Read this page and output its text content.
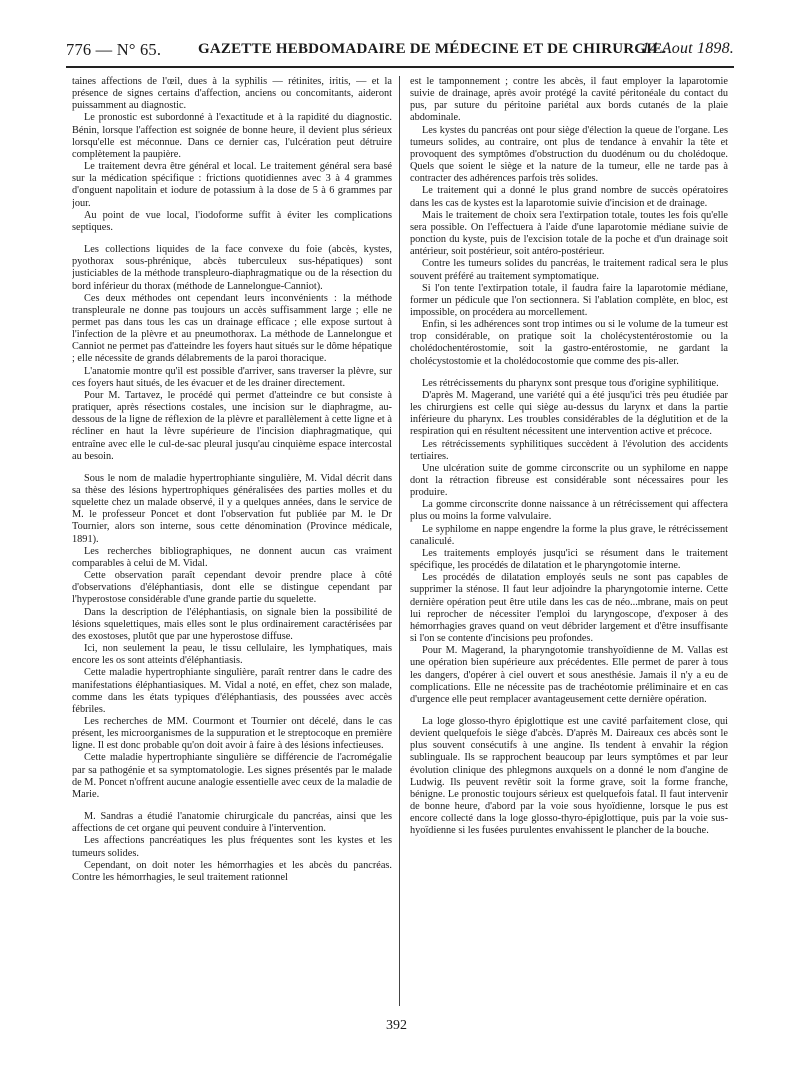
776 — N° 65. GAZETTE HEBDOMADAIRE DE MÉDECINE ET DE CHIRURGIE.
14 Aout 1898.

taines affections de l'œil, dues à la syphilis — rétinites, iritis, — et la présence de signes certains d'affection, anciens ou concomitants, aideront puissamment au diagnostic.

Le pronostic est subordonné à l'exactitude et à la rapidité du diagnostic. Bénin, lorsque l'affection est soignée de bonne heure, il devient plus sérieux lorsqu'elle est méconnue. Dans ce dernier cas, l'ulcération peut détruire complètement la paupière.

Le traitement devra être général et local. Le traitement général sera basé sur la médication spécifique : frictions quotidiennes avec 3 à 4 grammes d'onguent napolitain et iodure de potassium à la dose de 5 à 6 grammes par jour.

Au point de vue local, l'iodoforme suffit à éviter les complications septiques.

Les collections liquides de la face convexe du foie (abcès, kystes, pyothorax sous-phrénique, abcès tuberculeux sus-hépatiques) sont justiciables de la méthode transpleuro-diaphragmatique ou de la résection du bord inférieur du thorax (méthode de Lannelongue-Canniot).

Ces deux méthodes ont cependant leurs inconvénients : la méthode transpleurale ne donne pas toujours un accès suffisamment large ; elle ne permet pas dans tous les cas un drainage efficace ; elle expose surtout à l'infection de la plèvre et au pneumothorax. La méthode de Lannelongue et Canniot ne permet pas d'atteindre les foyers haut situés sur le dôme hépatique ; elle nécessite de grands délabrements de la paroi thoracique.

L'anatomie montre qu'il est possible d'arriver, sans traverser la plèvre, sur ces foyers haut situés, de les évacuer et de les drainer directement.

Pour M. Tartavez, le procédé qui permet d'atteindre ce but consiste à pratiquer, après résections costales, une incision sur le diaphragme, au-dessous de la ligne de réflexion de la plèvre et parallèlement à cette ligne et à récliner en haut la lèvre supérieure de l'incision diaphragmatique, qui entraîne avec elle le cul-de-sac pleural jusqu'au cinquième espace intercostal au besoin.

Sous le nom de maladie hypertrophiante singulière, M. Vidal décrit dans sa thèse des lésions hypertrophiques généralisées des parties molles et du squelette chez un malade observé, il y a quelques années, dans le service de M. le professeur Poncet et dont l'observation fut publiée par M. le Dr Tournier, alors son interne, sous cette dénomination (Province médicale, 1891).

Les recherches bibliographiques, ne donnent aucun cas vraiment comparables à celui de M. Vidal.

Cette observation paraît cependant devoir prendre place à côté d'observations d'éléphantiasis, dont elle se distingue cependant par l'hyperostose considérable d'une grande partie du squelette.

Dans la description de l'éléphantiasis, on signale bien la possibilité de lésions squelettiques, mais elles sont le plus ordinairement caractérisées par des exostoses, plutôt que par une hyperostose diffuse.

Ici, non seulement la peau, le tissu cellulaire, les lymphatiques, mais encore les os sont atteints d'éléphantiasis.

Cette maladie hypertrophiante singulière, paraît rentrer dans le cadre des manifestations éléphantiasiques. M. Vidal a noté, en effet, chez son malade, comme dans les états typiques d'éléphantiasis, des poussées avec accès fébriles.

Les recherches de MM. Courmont et Tournier ont décelé, dans le cas présent, les microorganismes de la suppuration et le streptocoque en première ligne. Il est donc probable qu'on doit avoir à faire à des lésions infectieuses.

Cette maladie hypertrophiante singulière se différencie de l'acromégalie par sa pathogénie et sa symptomatologie. Les signes présentés par le malade de M. Poncet n'offrent aucune analogie essentielle avec ceux de la maladie de Marie.

M. Sandras a étudié l'anatomie chirurgicale du pancréas, ainsi que les affections de cet organe qui peuvent conduire à l'intervention.

Les affections pancréatiques les plus fréquentes sont les kystes et les tumeurs solides.

Cependant, on doit noter les hémorrhagies et les abcès du pancréas. Contre les hémorrhagies, le seul traitement rationnel

est le tamponnement ; contre les abcès, il faut employer la laparotomie suivie de drainage, après avoir protégé la cavité péritonéale du contact du pus, par suture du péritoine pariétal aux bords cutanés de la plaie abdominale.

Les kystes du pancréas ont pour siège d'élection la queue de l'organe. Les tumeurs solides, au contraire, ont plus de tendance à envahir la tête et provoquent des symptômes d'obstruction du duodénum ou du cholédoque. Quels que soient le siège et la nature de la tumeur, elle ne tarde pas à contracter des adhérences parfois très solides.

Le traitement qui a donné le plus grand nombre de succès opératoires dans les cas de kystes est la laparotomie suivie d'incision et de drainage.

Mais le traitement de choix sera l'extirpation totale, toutes les fois qu'elle sera possible. On l'effectuera à l'aide d'une laparotomie médiane suivie de ponction du kyste, puis de l'excision totale de la poche et d'un drainage soit antérieur, soit postérieur, soit antéro-postérieur.

Contre les tumeurs solides du pancréas, le traitement radical sera le plus souvent préféré au traitement symptomatique.

Si l'on tente l'extirpation totale, il faudra faire la laparotomie médiane, former un pédicule que l'on sectionnera. Si l'ablation complète, en bloc, est impossible, on procédera au morcellement.

Enfin, si les adhérences sont trop intimes ou si le volume de la tumeur est trop considérable, on pratique soit la cholécystentérostomie ou la cholédochentérostomie, soit la gastro-entérostomie, ne gardant la cholécystostomie et la cholédocostomie que comme des pis-aller.

Les rétrécissements du pharynx sont presque tous d'origine syphilitique.

D'après M. Magerand, une variété qui a été jusqu'ici très peu étudiée par les chirurgiens est celle qui siège au-dessus du larynx et dans la partie inférieure du pharynx. Les troubles considérables de la déglutition et de la respiration qui en résultent nécessitent une intervention active et précoce.

Les rétrécissements syphilitiques succèdent à l'évolution des accidents tertiaires.

Une ulcération suite de gomme circonscrite ou un syphilome en nappe dont la rétraction fibreuse est considérable sont nécessaires pour les produire.

La gomme circonscrite donne naissance à un rétrécissement qui affectera plus ou moins la forme valvulaire.

Le syphilome en nappe engendre la forme la plus grave, le rétrécissement canaliculé.

Les traitements employés jusqu'ici se résument dans le traitement spécifique, les procédés de dilatation et le pharyngotomie interne.

Les procédés de dilatation employés seuls ne sont pas capables de supprimer la sténose. Il faut leur adjoindre la pharyngotomie interne. Cette dernière opération peut être utile dans les cas de néo...mbrane, mais on peut lui reprocher de nécessiter l'emploi du laryngoscope, d'exposer à des hémorrhagies graves quand on veut débrider largement et d'être insuffisante si l'on se contente d'incisions peu profondes.

Pour M. Magerand, la pharyngotomie transhyoïdienne de M. Vallas est une opération bien supérieure aux précédentes. Elle permet de parer à tous les dangers, d'opérer à ciel ouvert et sous anesthésie. Jamais il n'y a eu de complications. Elle ne nécessite pas de trachéotomie préliminaire et en cas d'urgence elle peut remplacer avantageusement cette dernière opération.

La loge glosso-thyro épiglottique est une cavité parfaitement close, qui devient quelquefois le siège d'abcès. D'après M. Daireaux ces abcès sont le plus souvent consécutifs à une angine. Ils tendent à envahir la région sublinguale. Ils se rapprochent beaucoup par leurs symptômes et par leur évolution clinique des phlegmons auxquels on a donné le nom d'angine de Ludwig. Ils peuvent revêtir soit la forme grave, soit la forme franche, bénigne. Le pronostic toujours sérieux est quelquefois fatal. Il faut intervenir de bonne heure, d'abord par la voie sous hyoïdienne, lorsque le pus est encore collecté dans la loge glosso-thyro-épiglottique, puis par la voie sus-hyoïdienne si les fusées purulentes envahissent le plancher de la bouche.

392
